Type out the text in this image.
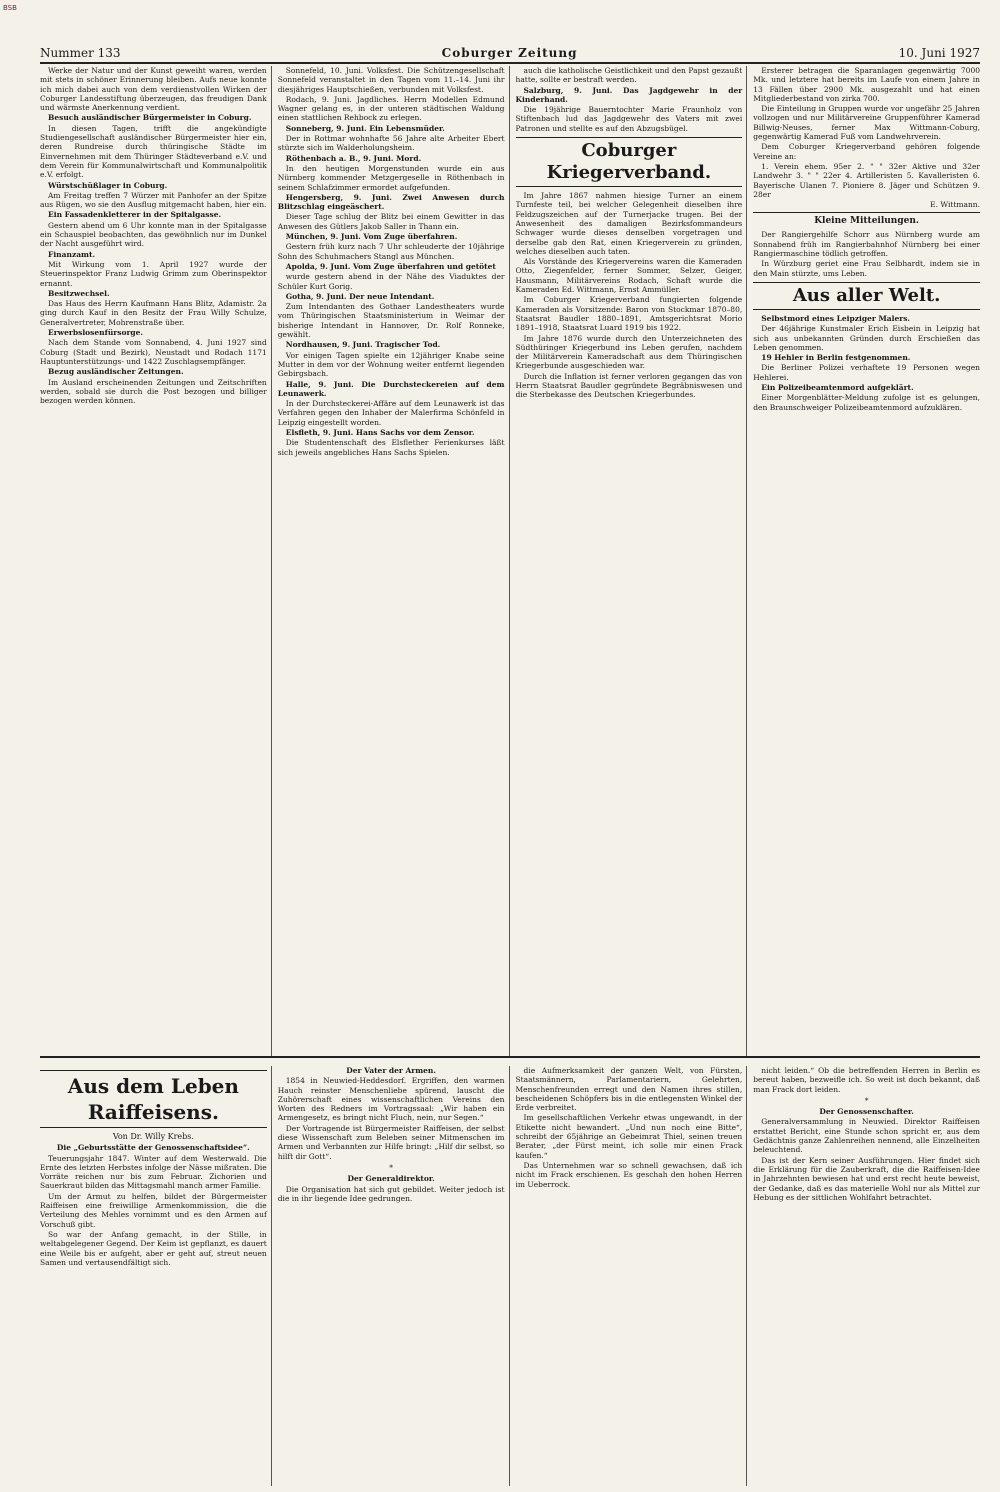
BSB
Nummer 133	Coburger Zeitung	10. Juni 1927

Werke der Natur und der Kunst geweiht waren, werden mit stets in schöner Erinnerung bleiben. Aufs neue konnte ich mich dabei auch von dem verdienstvollen Wirken der Coburger Landesstiftung überzeugen, das freudigen Dank und wärmste Anerkennung verdient.

Besuch ausländischer Bürgermeister in Coburg.

In diesen Tagen, trifft die angekündigte Studiengesellschaft ausländischer Bürgermeister hier ein, deren Rundreise durch thüringische Städte im Einvernehmen mit dem Thüringer Städteverband e.V. und dem Verein für Kommunalwirtschaft und Kommunalpolitik e.V. erfolgt.

Würstschüßlager in Coburg.

Am Freitag treffen 7 Würzer mit Panhofer an der Spitze aus Rügen, wo sie den Ausflug mitgemacht haben, hier ein.

Ein Fassadenkletterer in der Spitalgasse.

Gestern abend um 6 Uhr konnte man in der Spitalgasse ein Schauspiel beobachten, das gewöhnlich nur im Dunkel der Nacht ausgeführt wird.

Finanzamt.

Mit Wirkung vom 1. April 1927 wurde der Steuerinspektor Franz Ludwig Grimm zum Oberinspektor ernannt.

Besitzwechsel.

Das Haus des Herrn Kaufmann Hans Blitz, Adamistr. 2a ging durch Kauf in den Besitz der Frau Willy Schulze, Generalvertreter, Mohrenstraße über.

Erwerbslosenfürsorge.

Nach dem Stande vom Sonnabend, 4. Juni 1927 sind Coburg (Stadt und Bezirk), Neustadt und Rodach 1171 Hauptunterstützungs- und 1422 Zuschlagsempfänger.

Bezug ausländischer Zeitungen.

Im Ausland erscheinenden Zeitungen und Zeitschriften werden, sobald sie durch die Post bezogen und billiger bezogen werden können.

Sonnefeld, 10. Juni. Volksfest. Die Schützengesellschaft Sonnefeld veranstaltet in den Tagen vom 11.–14. Juni ihr diesjähriges Hauptschießen, verbunden mit Volksfest.

Rodach, 9. Juni. Jagdliches. Herrn Modellen Edmund Wagner gelang es, in der unteren städtischen Waldung einen stattlichen Rehbock zu erlegen.

Sonneberg, 9. Juni. Ein Lebensmüder.

Der in Rottmar wohnhafte 56 Jahre alte Arbeiter Ebert stürzte sich im Walderholungsheim.

Röthenbach a. B., 9. Juni. Mord.

In den heutigen Morgenstunden wurde ein aus Nürnberg kommender Metzgergeselle in Röthenbach in seinem Schlafzimmer ermordet aufgefunden.

Hengersberg, 9. Juni. Zwei Anwesen durch Blitzschlag eingeäschert.

Dieser Tage schlug der Blitz bei einem Gewitter in das Anwesen des Gütlers Jakob Saller in Thann ein.

München, 9. Juni. Vom Zuge überfahren.

Gestern früh kurz nach 7 Uhr schleuderte der 10jährige Sohn des Schuhmachers Stangl aus München.

Apolda, 9. Juni. Vom Zuge überfahren und getötet

wurde gestern abend in der Nähe des Viaduktes der Schüler Kurt Gorig.

Gotha, 9. Juni. Der neue Intendant.

Zum Intendanten des Gothaer Landestheaters wurde vom Thüringischen Staatsministerium in Weimar der bisherige Intendant in Hannover, Dr. Rolf Ronneke, gewählt.

Nordhausen, 9. Juni. Tragischer Tod.

Vor einigen Tagen spielte ein 12jähriger Knabe seine Mutter in dem vor der Wohnung weiter entfernt liegenden Gebirgsbach.

Halle, 9. Juni. Die Durchsteckereien auf dem Leunawerk.

In der Durchsteckerei-Affäre auf dem Leunawerk ist das Verfahren gegen den Inhaber der Malerfirma Schönfeld in Leipzig eingestellt worden.

Elsfleth, 9. Juni. Hans Sachs vor dem Zensor.

Die Studentenschaft des Elsflether Ferienkurses läßt sich jeweils angebliches Hans Sachs Spielen.

auch die katholische Geistlichkeit und den Papst gezaußt hatte, sollte er bestraft werden.

Salzburg, 9. Juni. Das Jagdgewehr in der Kinderhand.

Die 19jährige Bauerntochter Marie Fraunholz von Stiftenbach lud das Jagdgewehr des Vaters mit zwei Patronen und stellte es auf den Abzugsbügel.

Coburger Kriegerverband.

Im Jahre 1867 nahmen hiesige Turner an einem Turnfeste teil, bei welcher Gelegenheit dieselben ihre Feldzugszeichen auf der Turnerjacke trugen. Bei der Anwesenheit des damaligen Bezirksfommandeurs Schwager wurde dieses denselben vorgetragen und derselbe gab den Rat, einen Kriegerverein zu gründen, welches dieselben auch taten.

Als Vorstände des Kriegervereins waren die Kameraden Otto, Ziegenfelder, ferner Sommer, Selzer, Geiger, Hausmann, Militärvereins Rodach, Schaft wurde die Kameraden Ed. Wittmann, Ernst Ammüller.

Im Coburger Kriegerverband fungierten folgende Kameraden als Vorsitzende: Baron von Stockmar 1870–80, Staatsrat Baudler 1880–1891, Amtsgerichtsrat Morio 1891–1918, Staatsrat Luard 1919 bis 1922.

Im Jahre 1876 wurde durch den Unterzeichneten des Südthüringer Kriegerbund ins Leben gerufen, nachdem der Militärverein Kameradschaft aus dem Thüringischen Kriegerbunde ausgeschieden war.

Durch die Inflation ist ferner verloren gegangen das von Herrn Staatsrat Baudler gegründete Begräbniswesen und die Sterbekasse des Deutschen Kriegerbundes.

Ersterer betragen die Sparanlagen gegenwärtig 7000 Mk. und letztere hat bereits im Laufe von einem Jahre in 13 Fällen über 2900 Mk. ausgezahlt und hat einen Mitgliederbestand von zirka 700.

Die Einteilung in Gruppen wurde vor ungefähr 25 Jahren vollzogen und nur Militärvereine Gruppenführer Kamerad Billwig-Neuses, ferner Max Wittmann-Coburg, gegenwärtig Kamerad Fuß vom Landwehrverein.

Dem Coburger Kriegerverband gehören folgende Vereine an:

1. Verein ehem. 95er 2. " " 32er Aktive und 32er Landwehr 3. " " 22er 4. Artilleristen 5. Kavalleristen 6. Bayerische Ulanen 7. Pioniere 8. Jäger und Schützen 9. 28er

E. Wittmann.

Kleine Mitteilungen.

Der Rangiergehilfe Schorr aus Nürnberg wurde am Sonnabend früh im Rangierbahnhof Nürnberg bei einer Rangiermaschine tödlich getroffen.

In Würzburg geriet eine Frau Selbhardt, indem sie in den Main stürzte, ums Leben.

Aus aller Welt.

Selbstmord eines Leipziger Malers.

Der 46jährige Kunstmaler Erich Eisbein in Leipzig hat sich aus unbekannten Gründen durch Erschießen das Leben genommen.

19 Hehler in Berlin festgenommen.

Die Berliner Polizei verhaftete 19 Personen wegen Hehlerei.

Ein Polizeibeamtenmord aufgeklärt.

Einer Morgenblätter-Meldung zufolge ist es gelungen, den Braunschweiger Polizeibeamtenmord aufzuklären.

Aus dem Leben Raiffeisens.
Von Dr. Willy Krebs.

Die „Geburtsstätte der Genossenschaftsidee“.

Teuerungsjahr 1847. Winter auf dem Westerwald. Die Ernte des letzten Herbstes infolge der Nässe mißraten. Die Vorräte reichen nur bis zum Februar. Zichorien und Sauerkraut bilden das Mittagsmahl manch armer Familie.

Um der Armut zu helfen, bildet der Bürgermeister Raiffeisen eine freiwillige Armenkommission, die die Verteilung des Mehles vornimmt und es den Armen auf Vorschuß gibt.

So war der Anfang gemacht, in der Stille, in weltabgelegener Gegend. Der Keim ist gepflanzt, es dauert eine Weile bis er aufgeht, aber er geht auf, streut neuen Samen und vertausendfältigt sich.

Der Vater der Armen.

1854 in Neuwied-Heddesdorf. Ergriffen, den warmen Hauch reinster Menschenliebe spürend, lauscht die Zuhörerschaft eines wissenschaftlichen Vereins den Worten des Redners im Vortragssaal: „Wir haben ein Armengesetz, es bringt nicht Fluch, nein, nur Segen.“

Der Vortragende ist Bürgermeister Raiffeisen, der selbst diese Wissenschaft zum Beleben seiner Mitmenschen im Armen und Verbannten zur Hilfe bringt: „Hilf dir selbst, so hilft dir Gott“.

*

Der Generaldirektor.

Die Organisation hat sich gut gebildet. Weiter jedoch ist die in ihr liegende Idee gedrungen.

die Aufmerksamkeit der ganzen Welt, von Fürsten, Staatsmännern, Parlamentariern, Gelehrten, Menschenfreunden erregt und den Namen ihres stillen, bescheidenen Schöpfers bis in die entlegensten Winkel der Erde verbreitet.

Im gesellschaftlichen Verkehr etwas ungewandt, in der Etikette nicht bewandert. „Und nun noch eine Bitte“, schreibt der 65jährige an Gebeimrat Thiel, seinen treuen Berater, „der Fürst meint, ich solle mir einen Frack kaufen.“

Das Unternehmen war so schnell gewachsen, daß ich nicht im Frack erschienen. Es geschah den hohen Herren im Ueberrock.

nicht leiden.“ Ob die betreffenden Herren in Berlin es bereut haben, bezweifle ich. So weit ist doch bekannt, daß man Frack dort leiden.

*

Der Genossenschafter.

Generalversammlung in Neuwied. Direktor Raiffeisen erstattet Bericht, eine Stunde schon spricht er, aus dem Gedächtnis ganze Zahlenreihen nennend, alle Einzelheiten beleuchtend.

Das ist der Kern seiner Ausführungen. Hier findet sich die Erklärung für die Zauberkraft, die die Raiffeisen-Idee in Jahrzehnten bewiesen hat und erst recht heute beweist, der Gedanke, daß es das materielle Wohl nur als Mittel zur Hebung es der sittlichen Wohlfahrt betrachtet.
